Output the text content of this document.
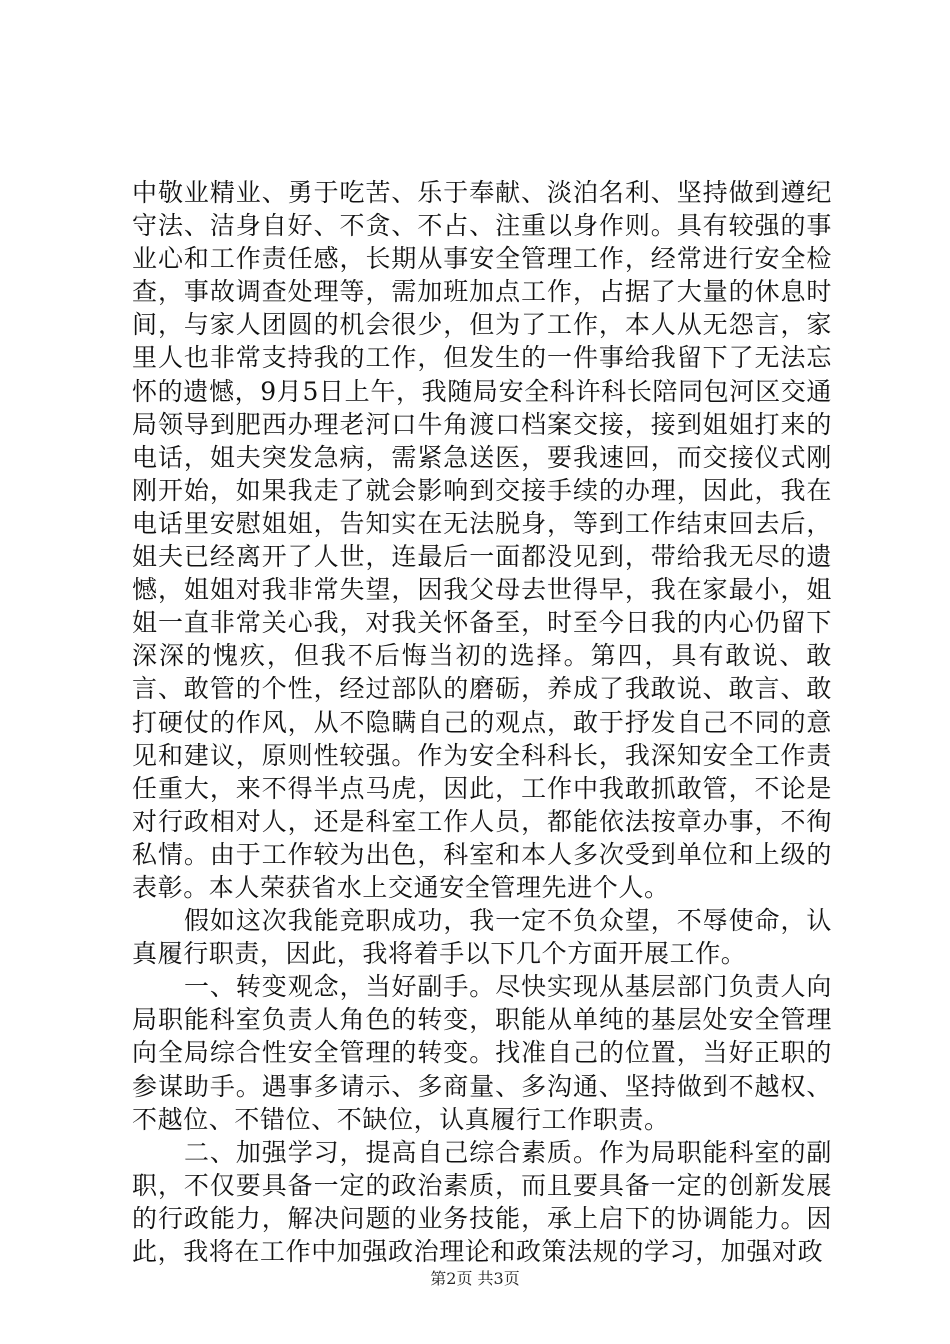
中敬业精业、勇于吃苦、乐于奉献、淡泊名利、坚持做到遵纪守法、洁身自好、不贪、不占、注重以身作则。具有较强的事业心和工作责任感，长期从事安全管理工作，经常进行安全检查，事故调查处理等，需加班加点工作，占据了大量的休息时间，与家人团圆的机会很少，但为了工作，本人从无怨言，家里人也非常支持我的工作，但发生的一件事给我留下了无法忘怀的遗憾，9月5日上午，我随局安全科许科长陪同包河区交通局领导到肥西办理老河口牛角渡口档案交接，接到姐姐打来的电话，姐夫突发急病，需紧急送医，要我速回，而交接仪式刚刚开始，如果我走了就会影响到交接手续的办理，因此，我在电话里安慰姐姐，告知实在无法脱身，等到工作结束回去后，姐夫已经离开了人世，连最后一面都没见到，带给我无尽的遗憾，姐姐对我非常失望，因我父母去世得早，我在家最小，姐姐一直非常关心我，对我关怀备至，时至今日我的内心仍留下深深的愧疚，但我不后悔当初的选择。第四，具有敢说、敢言、敢管的个性，经过部队的磨砺，养成了我敢说、敢言、敢打硬仗的作风，从不隐瞒自己的观点，敢于抒发自己不同的意见和建议，原则性较强。作为安全科科长，我深知安全工作责任重大，来不得半点马虎，因此，工作中我敢抓敢管，不论是对行政相对人，还是科室工作人员，都能依法按章办事，不徇私情。由于工作较为出色，科室和本人多次受到单位和上级的表彰。本人荣获省水上交通安全管理先进个人。

假如这次我能竞职成功，我一定不负众望，不辱使命，认真履行职责，因此，我将着手以下几个方面开展工作。

一、转变观念，当好副手。尽快实现从基层部门负责人向局职能科室负责人角色的转变，职能从单纯的基层处安全管理向全局综合性安全管理的转变。找准自己的位置，当好正职的参谋助手。遇事多请示、多商量、多沟通、坚持做到不越权、不越位、不错位、不缺位，认真履行工作职责。

二、加强学习，提高自己综合素质。作为局职能科室的副职，不仅要具备一定的政治素质，而且要具备一定的创新发展的行政能力，解决问题的业务技能，承上启下的协调能力。因此，我将在工作中加强政治理论和政策法规的学习，加强对政

第2页 共3页
